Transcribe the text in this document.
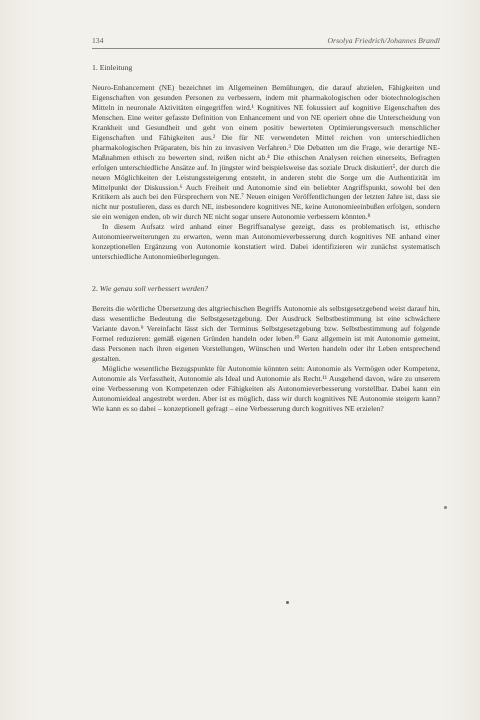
134	Orsolya Friedrich/Johannes Brandl
1. Einleitung

Neuro-Enhancement (NE) bezeichnet im Allgemeinen Bemühungen, die darauf abzielen, Fähigkeiten und Eigenschaften von gesunden Personen zu verbessern, indem mit pharmakologischen oder biotechnologischen Mitteln in neuronale Aktivitäten eingegriffen wird.¹ Kognitives NE fokussiert auf kognitive Eigenschaften des Menschen. Eine weiter gefasste Definition von Enhancement und von NE operiert ohne die Unterscheidung von Krankheit und Gesundheit und geht von einem positiv bewerteten Optimierungsversuch menschlicher Eigenschaften und Fähigkeiten aus.² Die für NE verwendeten Mittel reichen von unterschiedlichen pharmakologischen Präparaten, bis hin zu invasiven Verfahren.³ Die Debatten um die Frage, wie derartige NE-Maßnahmen ethisch zu bewerten sind, reißen nicht ab.⁴ Die ethischen Analysen reichen einerseits, Befragten erfolgen unterschiedliche Ansätze auf. In jüngster wird beispielsweise das soziale Druck diskutiert⁵, der durch die neuen Möglichkeiten der Leistungssteigerung entsteht, in anderen steht die Sorge um die Authentizität im Mittelpunkt der Diskussion.⁶ Auch Freiheit und Autonomie sind ein beliebter Angriffspunkt, sowohl bei den Kritikern als auch bei den Fürsprechern von NE.⁷ Neuen einigen Veröffentlichungen der letzten Jahre ist, dass sie nicht nur postulieren, dass es durch NE, insbesondere kognitives NE, keine Autonomieeinbußen erfolgen, sondern sie ein wenigen enden, ob wir durch NE nicht sogar unsere Autonomie verbessern könnten.⁸

In diesem Aufsatz wird anhand einer Begriffsanalyse gezeigt, dass es problematisch ist, ethische Autonomieerweiterungen zu erwarten, wenn man Autonomieverbesserung durch kognitives NE anhand einer konzeptionellen Ergänzung von Autonomie konstatiert wird. Dabei identifizieren wir zunächst systematisch unterschiedliche Autonomieüberlegungen.

2. Wie genau soll verbessert werden?

Bereits die wörtliche Übersetzung des altgriechischen Begriffs Autonomie als selbstgesetzgebend weist darauf hin, dass wesentliche Bedeutung die Selbstgesetzgebung. Der Ausdruck Selbstbestimmung ist eine schwächere Variante davon.⁹ Vereinfacht lässt sich der Terminus Selbstgesetzgebung bzw. Selbstbestimmung auf folgende Formel reduzieren: gemäß eigenen Gründen handeln oder leben.¹⁰ Ganz allgemein ist mit Autonomie gemeint, dass Personen nach ihren eigenen Vorstellungen, Wünschen und Werten handeln oder ihr Leben entsprechend gestalten.

Mögliche wesentliche Bezugspunkte für Autonomie könnten sein: Autonomie als Vermögen oder Kompetenz, Autonomie als Verfasstheit, Autonomie als Ideal und Autonomie als Recht.¹¹ Ausgehend davon, wäre zu unserem eine Verbesserung von Kompetenzen oder Fähigkeiten als Autonomieverbesserung vorstellbar. Dabei kann ein Autonomieideal angestrebt werden. Aber ist es möglich, dass wir durch kognitives NE Autonomie steigern kann? Wie kann es so dabei – konzeptionell gefragt – eine Verbesserung durch kognitives NE erzielen?
